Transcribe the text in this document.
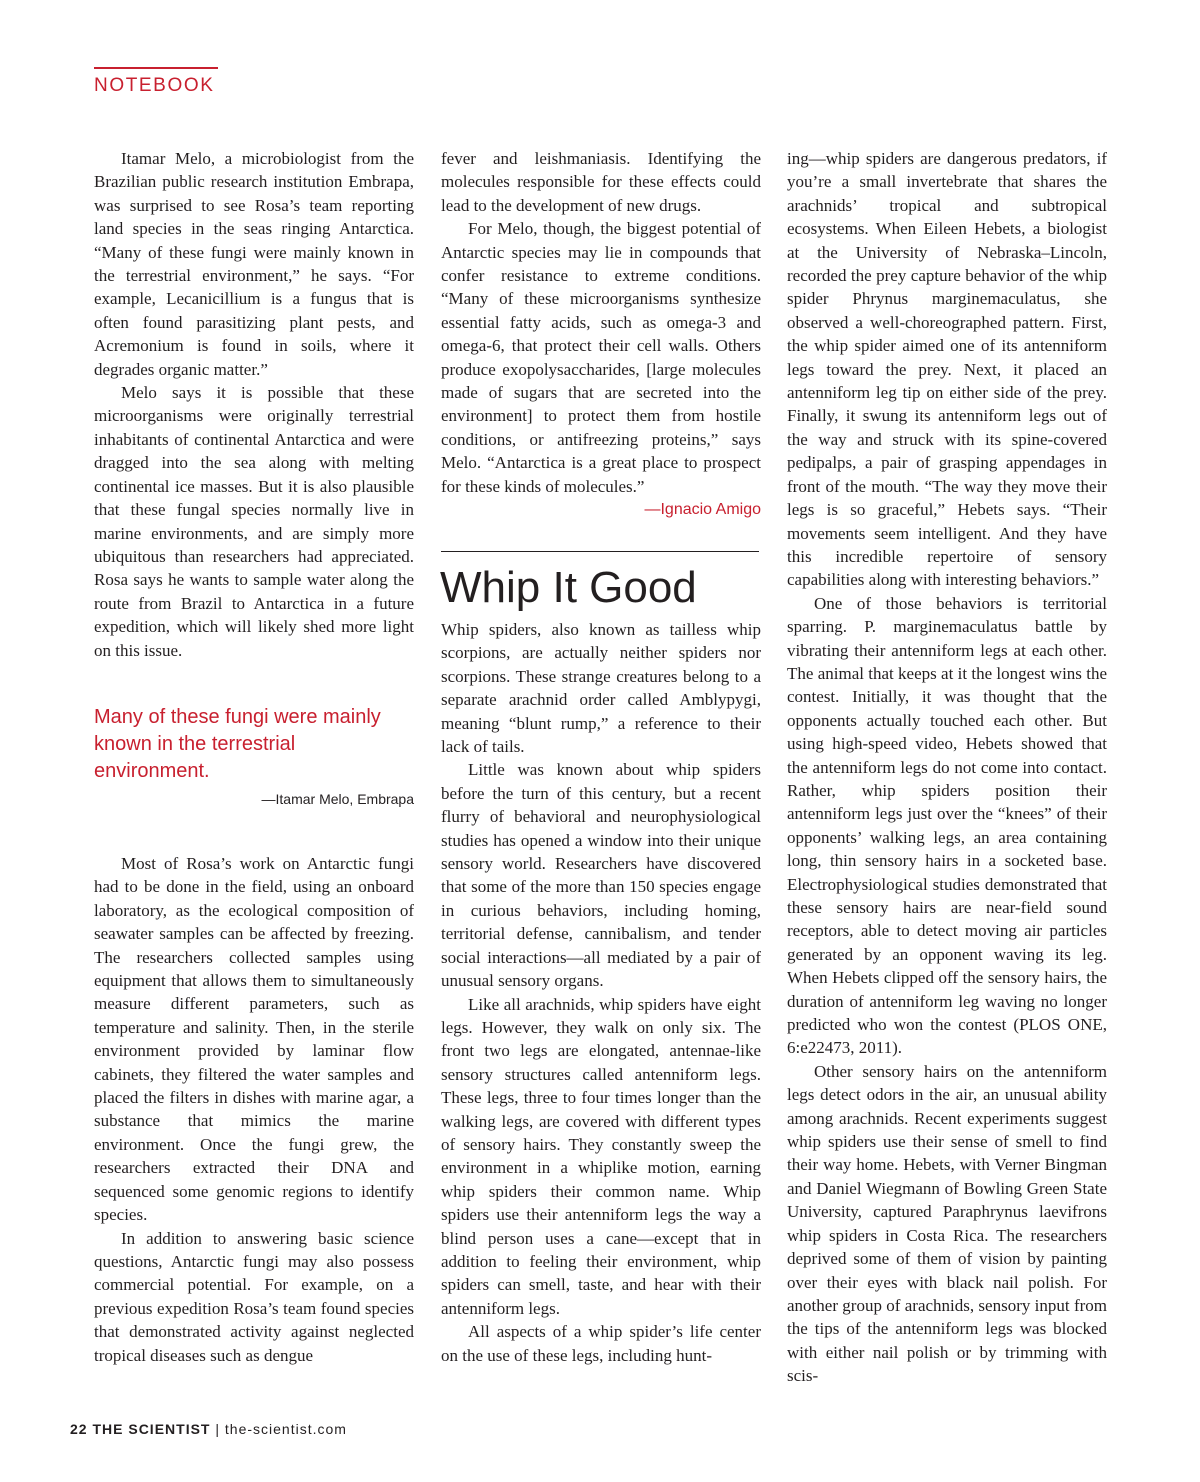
NOTEBOOK

Itamar Melo, a microbiologist from the Brazilian public research institution Embrapa, was surprised to see Rosa’s team reporting land species in the seas ringing Antarctica. “Many of these fungi were mainly known in the terrestrial environment,” he says. “For example, Lecanicillium is a fungus that is often found parasitizing plant pests, and Acremonium is found in soils, where it degrades organic matter.”

Melo says it is possible that these microorganisms were originally terrestrial inhabitants of continental Antarctica and were dragged into the sea along with melting continental ice masses. But it is also plausible that these fungal species normally live in marine environments, and are simply more ubiquitous than researchers had appreciated. Rosa says he wants to sample water along the route from Brazil to Antarctica in a future expedition, which will likely shed more light on this issue.

Many of these fungi were mainly known in the terrestrial environment.
—Itamar Melo, Embrapa

Most of Rosa’s work on Antarctic fungi had to be done in the field, using an onboard laboratory, as the ecological composition of seawater samples can be affected by freezing. The researchers collected samples using equipment that allows them to simultaneously measure different parameters, such as temperature and salinity. Then, in the sterile environment provided by laminar flow cabinets, they filtered the water samples and placed the filters in dishes with marine agar, a substance that mimics the marine environment. Once the fungi grew, the researchers extracted their DNA and sequenced some genomic regions to identify species.

In addition to answering basic science questions, Antarctic fungi may also possess commercial potential. For example, on a previous expedition Rosa’s team found species that demonstrated activity against neglected tropical diseases such as dengue

fever and leishmaniasis. Identifying the molecules responsible for these effects could lead to the development of new drugs.

For Melo, though, the biggest potential of Antarctic species may lie in compounds that confer resistance to extreme conditions. “Many of these microorganisms synthesize essential fatty acids, such as omega-3 and omega-6, that protect their cell walls. Others produce exopolysaccharides, [large molecules made of sugars that are secreted into the environment] to protect them from hostile conditions, or antifreezing proteins,” says Melo. “Antarctica is a great place to prospect for these kinds of molecules.”
—Ignacio Amigo

Whip It Good

Whip spiders, also known as tailless whip scorpions, are actually neither spiders nor scorpions. These strange creatures belong to a separate arachnid order called Amblypygi, meaning “blunt rump,” a reference to their lack of tails.

Little was known about whip spiders before the turn of this century, but a recent flurry of behavioral and neurophysiological studies has opened a window into their unique sensory world. Researchers have discovered that some of the more than 150 species engage in curious behaviors, including homing, territorial defense, cannibalism, and tender social interactions—all mediated by a pair of unusual sensory organs.

Like all arachnids, whip spiders have eight legs. However, they walk on only six. The front two legs are elongated, antennae-like sensory structures called antenniform legs. These legs, three to four times longer than the walking legs, are covered with different types of sensory hairs. They constantly sweep the environment in a whiplike motion, earning whip spiders their common name. Whip spiders use their antenniform legs the way a blind person uses a cane—except that in addition to feeling their environment, whip spiders can smell, taste, and hear with their antenniform legs.

All aspects of a whip spider’s life center on the use of these legs, including hunt-

ing—whip spiders are dangerous predators, if you’re a small invertebrate that shares the arachnids’ tropical and subtropical ecosystems. When Eileen Hebets, a biologist at the University of Nebraska–Lincoln, recorded the prey capture behavior of the whip spider Phrynus marginemaculatus, she observed a well-choreographed pattern. First, the whip spider aimed one of its antenniform legs toward the prey. Next, it placed an antenniform leg tip on either side of the prey. Finally, it swung its antenniform legs out of the way and struck with its spine-covered pedipalps, a pair of grasping appendages in front of the mouth. “The way they move their legs is so graceful,” Hebets says. “Their movements seem intelligent. And they have this incredible repertoire of sensory capabilities along with interesting behaviors.”

One of those behaviors is territorial sparring. P. marginemaculatus battle by vibrating their antenniform legs at each other. The animal that keeps at it the longest wins the contest. Initially, it was thought that the opponents actually touched each other. But using high-speed video, Hebets showed that the antenniform legs do not come into contact. Rather, whip spiders position their antenniform legs just over the “knees” of their opponents’ walking legs, an area containing long, thin sensory hairs in a socketed base. Electrophysiological studies demonstrated that these sensory hairs are near-field sound receptors, able to detect moving air particles generated by an opponent waving its leg. When Hebets clipped off the sensory hairs, the duration of antenniform leg waving no longer predicted who won the contest (PLOS ONE, 6:e22473, 2011).

Other sensory hairs on the antenniform legs detect odors in the air, an unusual ability among arachnids. Recent experiments suggest whip spiders use their sense of smell to find their way home. Hebets, with Verner Bingman and Daniel Wiegmann of Bowling Green State University, captured Paraphrynus laevifrons whip spiders in Costa Rica. The researchers deprived some of them of vision by painting over their eyes with black nail polish. For another group of arachnids, sensory input from the tips of the antenniform legs was blocked with either nail polish or by trimming with scis-

22 THE SCIENTIST | the-scientist.com
